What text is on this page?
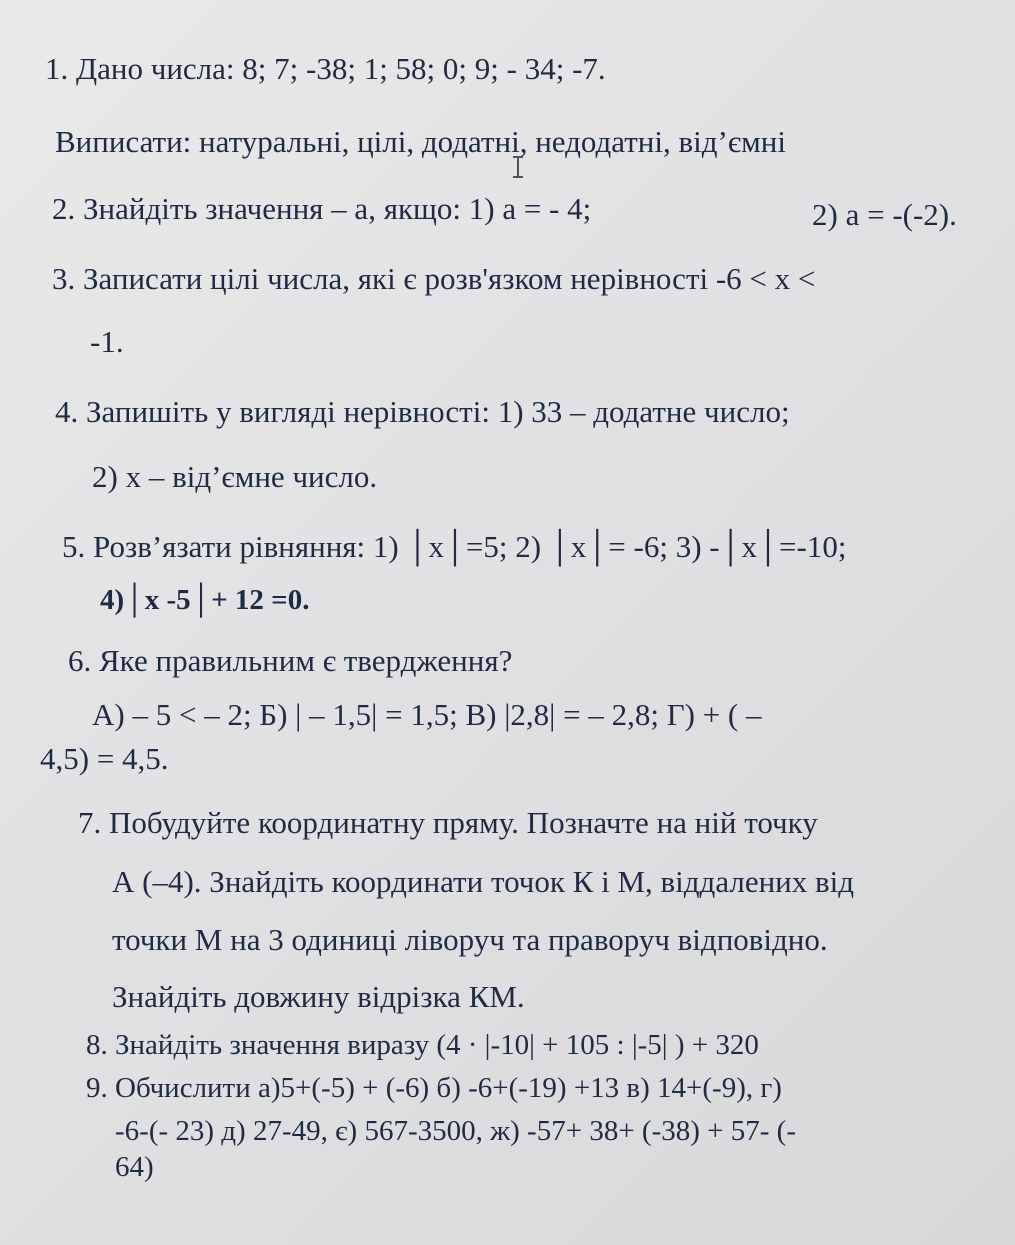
1. Дано числа: 8; 7; -38; 1; 58; 0; 9; - 34; -7.
Виписати: натуральні, цілі, додатні, недодатні, від’ємні
2. Знайдіть значення – а, якщо: 1) а = - 4;	2) а = -(-2).
3. Записати цілі числа, які є розв'язком нерівності -6 < х <
-1.
4. Запишіть у вигляді нерівності: 1) 33 – додатне число;
2) х – від’ємне число.
5. Розв’язати рівняння: 1) │х│=5; 2) │х│= -6; 3) -│х│=-10;
4)│х -5│+ 12 =0.
6. Яке правильним є твердження?
А) – 5 < – 2; Б) | – 1,5| = 1,5; В) |2,8| = – 2,8; Г) + ( –
4,5) = 4,5.
7. Побудуйте координатну пряму. Позначте на ній точку
А (–4). Знайдіть координати точок К і М, віддалених від
точки М на 3 одиниці ліворуч та праворуч відповідно.
Знайдіть довжину відрізка КМ.
8. Знайдіть значення виразу (4 · |-10| + 105 : |-5| ) + 320
9. Обчислити а)5+(-5) + (-6) б) -6+(-19) +13 в) 14+(-9), г)
-6-(- 23) д) 27-49, є) 567-3500, ж) -57+ 38+ (-38) + 57- (-
64)
